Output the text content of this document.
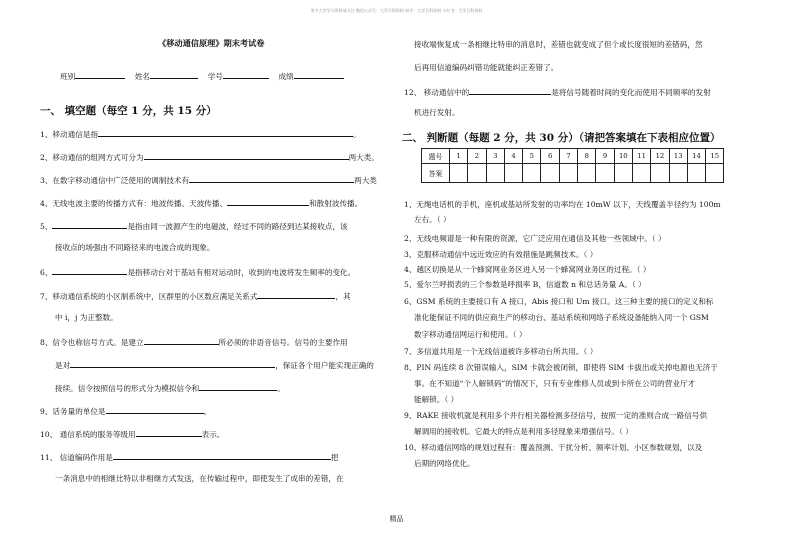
更多大学学习资料请关注 微信公众号：大学百科资料 知乎：大学百科资料 小红书：大学百科资料
《移动通信原理》期末考试卷
班别	姓名	学号	成绩
一、 填空题（每空 1 分，共 15 分）
1、移动通信是指	。
2、移动通信的组网方式可分为	两大类。
3、在数字移动通信中广泛使用的调制技术有	两大类
4、无线电波主要的传播方式有：地波传播、天波传播、	和散射波传播。
5、	是指由同一波源产生的电磁波，经过不同的路径到达某接收点，该
接收点的场强由不同路径来的电波合成的现象。
6、	是指移动台对于基站有相对运动时，收到的电波将发生频率的变化。
7、移动通信系统的小区制系统中，区群里的小区数应满足关系式	，其
中 i，j 为正整数。
8、信令也称信号方式。是建立	所必须的非语音信号。信号的主要作用
是对	，保证各个用户能实现正确的
接续。信令按照信号的形式分为模拟信令和	。
9、话务量的单位是	。
10、 通信系统的服务等级用	表示。
11、 信道编码作用是	把
一条消息中的相继比特以非相继方式发送，在传输过程中，即使发生了成串的差错，在
接收端恢复成一条相继比特串的消息时，差错也就变成了但个或长度很短的差错码，然
后再用信道编码纠错功能就能纠正差错了。
12、 移动通信中的	是将信号随着时间的变化而使用不同频率的发射
机进行发射。
二、 判断题（每题 2 分，共 30 分）（请把答案填在下表相应位置）
题号	1	2	3	4	5	6	7	8	9	10	11	12	13	14	15
答案															
1、无绳电话机的手机，座机或基站所发射的功率均在 10mW 以下，天线覆盖半径约为 100m
左右。（ ）
2、无线电频谱是一种有限的资源，它广泛应用在通信及其他一些领域中。（ ）
3、克服移动通信中远近效应的有效措施是跳频技术。（ ）
4、越区切换是从一个蜂窝网业务区进入另一个蜂窝网业务区的过程。（ ）
5、爱尔兰呼损表的三个参数是呼损率 B，信道数 n 和总话务量 A。（ ）
6、GSM 系统的主要接口有 A 接口，Abis 接口和 Um 接口。这三种主要的接口的定义和标
准化能保证不同的供应商生产的移动台、基站系统和网络子系统设备能纳入同一个 GSM
数字移动通信网运行和使用。（ ）
7、多信道共用是一个无线信道被许多移动台所共用。（ ）
8、PIN 码连续 8 次错误输入，SIM 卡就会被闭锁，即使将 SIM 卡拔出或关掉电源也无济于
事。在不知道“个人解锁码”的情况下，只有专业维修人员或到卡所在公司的营业厅才
能解锁。（ ）
9、RAKE 接收机就是利用多个并行相关器检测多径信号，按照一定的准则合成一路信号供
解调用的接收机。它最大的特点是利用多径现象来增强信号。（ ）
10、移动通信网络的规划过程有：覆盖预测、干扰分析、频率计划、小区参数规划，以及
后期的网络优化。
精品
